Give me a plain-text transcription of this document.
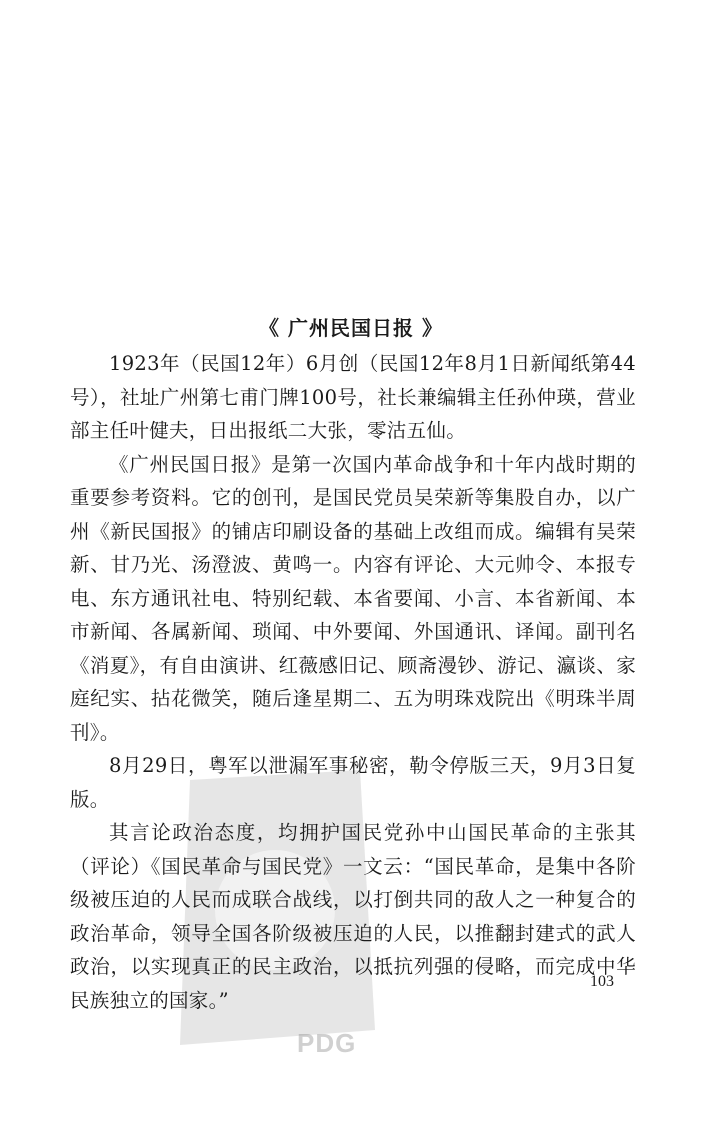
《 广州民国日报 》

1923年（民国12年）6月创（民国12年8月1日新闻纸第44号），社址广州第七甫门牌100号，社长兼编辑主任孙仲瑛，营业部主任叶健夫，日出报纸二大张，零沽五仙。

《广州民国日报》是第一次国内革命战争和十年内战时期的重要参考资料。它的创刊，是国民党员吴荣新等集股自办，以广州《新民国报》的铺店印刷设备的基础上改组而成。编辑有吴荣新、甘乃光、汤澄波、黄鸣一。内容有评论、大元帅令、本报专电、东方通讯社电、特别纪载、本省要闻、小言、本省新闻、本市新闻、各属新闻、琐闻、中外要闻、外国通讯、译闻。副刊名《消夏》，有自由演讲、红薇感旧记、顾斋漫钞、游记、瀛谈、家庭纪实、拈花微笑，随后逢星期二、五为明珠戏院出《明珠半周刊》。

8月29日，粤军以泄漏军事秘密，勒令停版三天，9月3日复版。

其言论政治态度，均拥护国民党孙中山国民革命的主张其（评论）《国民革命与国民党》一文云：“国民革命，是集中各阶级被压迫的人民而成联合战线，以打倒共同的敌人之一种复合的政治革命，领导全国各阶级被压迫的人民，以推翻封建式的武人政治，以实现真正的民主政治，以抵抗列强的侵略，而完成中华民族独立的国家。”

103
PDG
